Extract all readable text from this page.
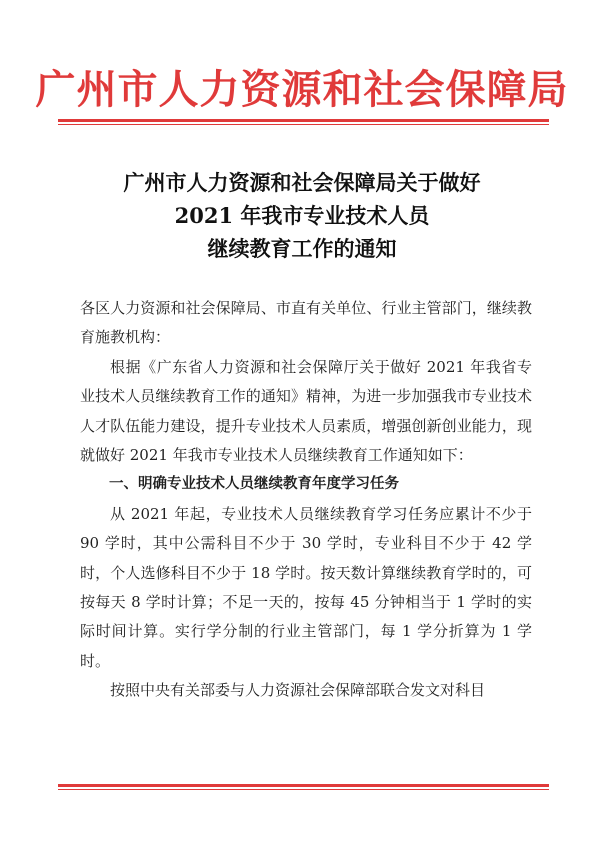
广州市人力资源和社会保障局
广州市人力资源和社会保障局关于做好
2021 年我市专业技术人员
继续教育工作的通知

各区人力资源和社会保障局、市直有关单位、行业主管部门，继续教育施教机构：

根据《广东省人力资源和社会保障厅关于做好 2021 年我省专业技术人员继续教育工作的通知》精神，为进一步加强我市专业技术人才队伍能力建设，提升专业技术人员素质，增强创新创业能力，现就做好 2021 年我市专业技术人员继续教育工作通知如下：

一、明确专业技术人员继续教育年度学习任务

从 2021 年起，专业技术人员继续教育学习任务应累计不少于 90 学时，其中公需科目不少于 30 学时，专业科目不少于 42 学时，个人选修科目不少于 18 学时。按天数计算继续教育学时的，可按每天 8 学时计算；不足一天的，按每 45 分钟相当于 1 学时的实际时间计算。实行学分制的行业主管部门，每 1 学分折算为 1 学时。

按照中央有关部委与人力资源社会保障部联合发文对科目
